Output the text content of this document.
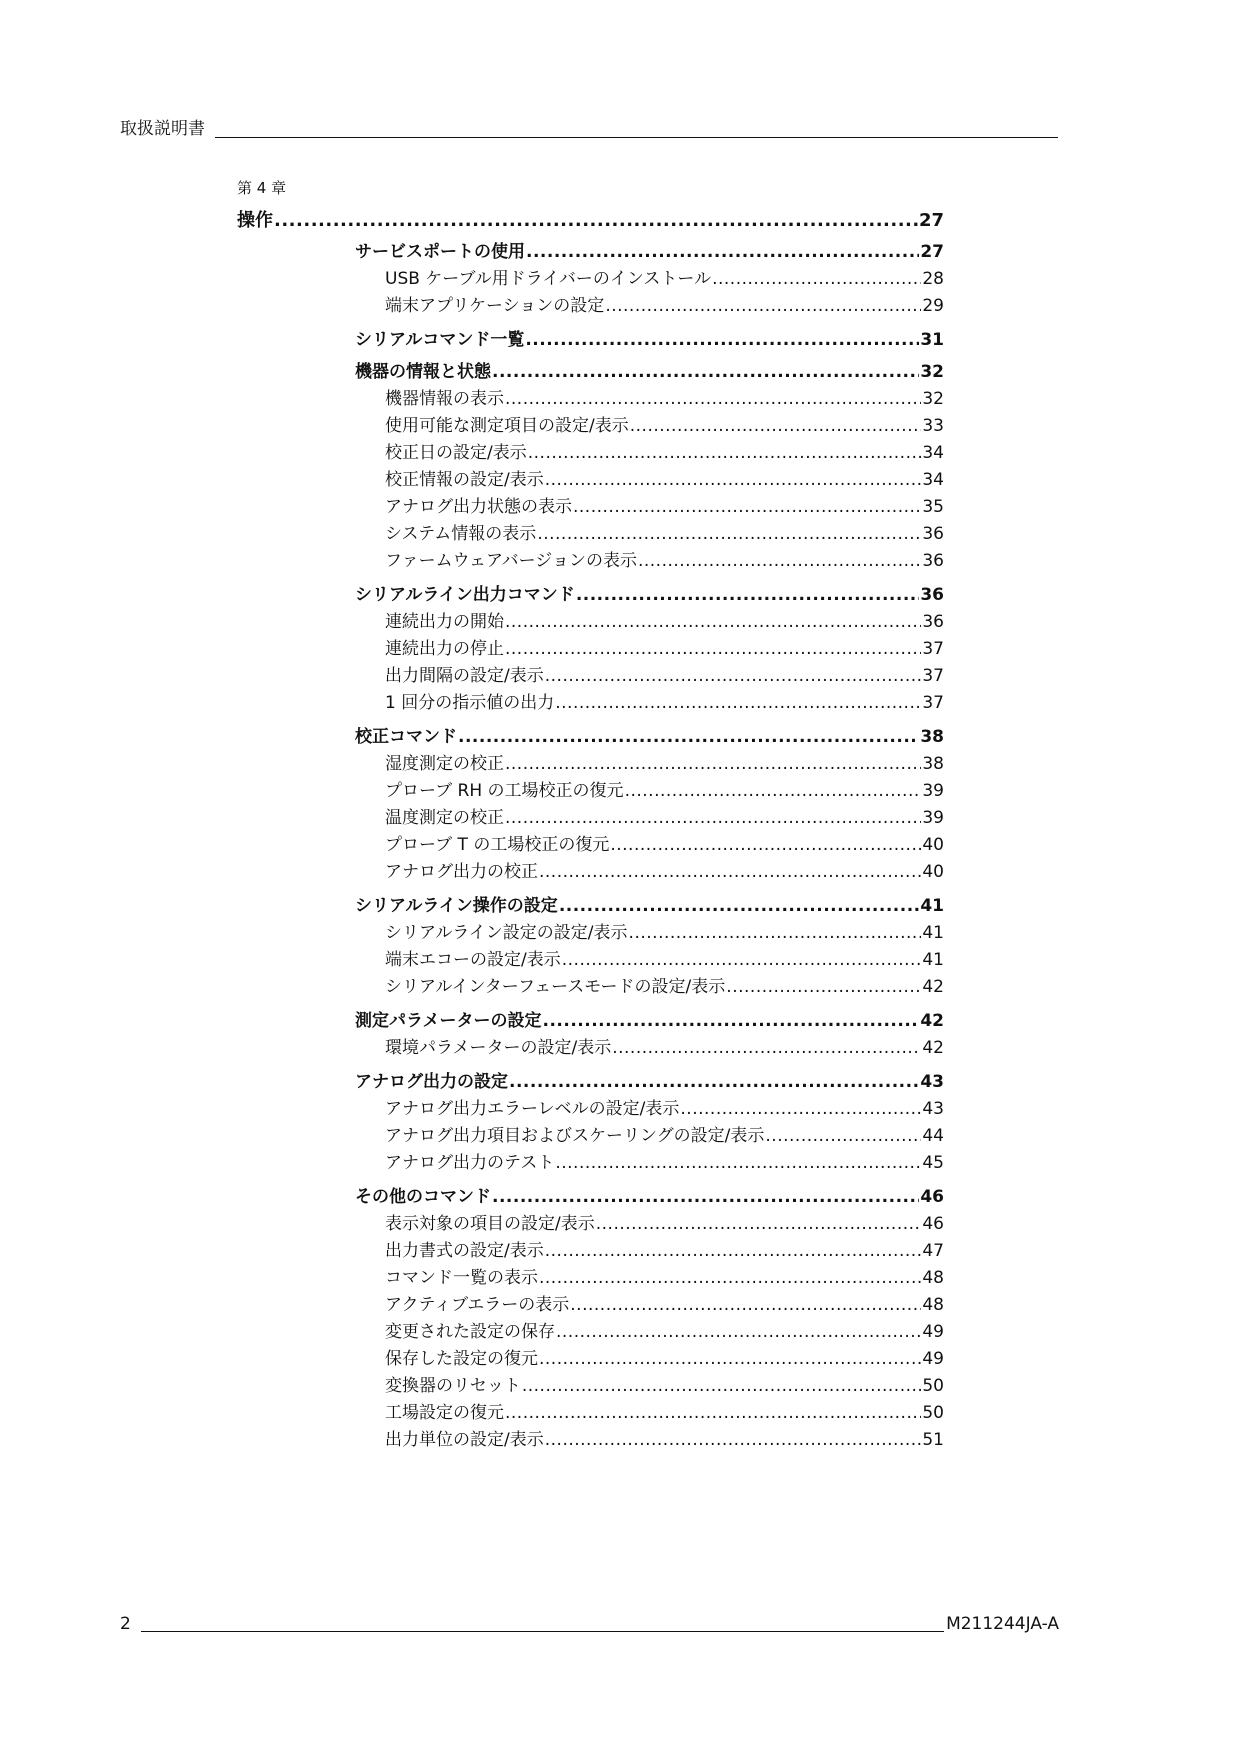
取扱説明書
第 4 章
操作 .....	27
サービスポートの使用 .....	27
USB ケーブル用ドライバーのインストール .....	28
端末アプリケーションの設定 .....	29
シリアルコマンド一覧 .....	31
機器の情報と状態 .....	32
機器情報の表示 .....	32
使用可能な測定項目の設定/表示 .....	33
校正日の設定/表示 .....	34
校正情報の設定/表示 .....	34
アナログ出力状態の表示 .....	35
システム情報の表示 .....	36
ファームウェアバージョンの表示 .....	36
シリアルライン出力コマンド .....	36
連続出力の開始 .....	36
連続出力の停止 .....	37
出力間隔の設定/表示 .....	37
1 回分の指示値の出力 .....	37
校正コマンド .....	38
湿度測定の校正 .....	38
プローブ RH の工場校正の復元 .....	39
温度測定の校正 .....	39
プローブ T の工場校正の復元 .....	40
アナログ出力の校正 .....	40
シリアルライン操作の設定 .....	41
シリアルライン設定の設定/表示 .....	41
端末エコーの設定/表示 .....	41
シリアルインターフェースモードの設定/表示 .....	42
測定パラメーターの設定 .....	42
環境パラメーターの設定/表示 .....	42
アナログ出力の設定 .....	43
アナログ出力エラーレベルの設定/表示 .....	43
アナログ出力項目およびスケーリングの設定/表示 .....	44
アナログ出力のテスト .....	45
その他のコマンド .....	46
表示対象の項目の設定/表示 .....	46
出力書式の設定/表示 .....	47
コマンド一覧の表示 .....	48
アクティブエラーの表示 .....	48
変更された設定の保存 .....	49
保存した設定の復元 .....	49
変換器のリセット .....	50
工場設定の復元 .....	50
出力単位の設定/表示 .....	51
2	M211244JA-A
